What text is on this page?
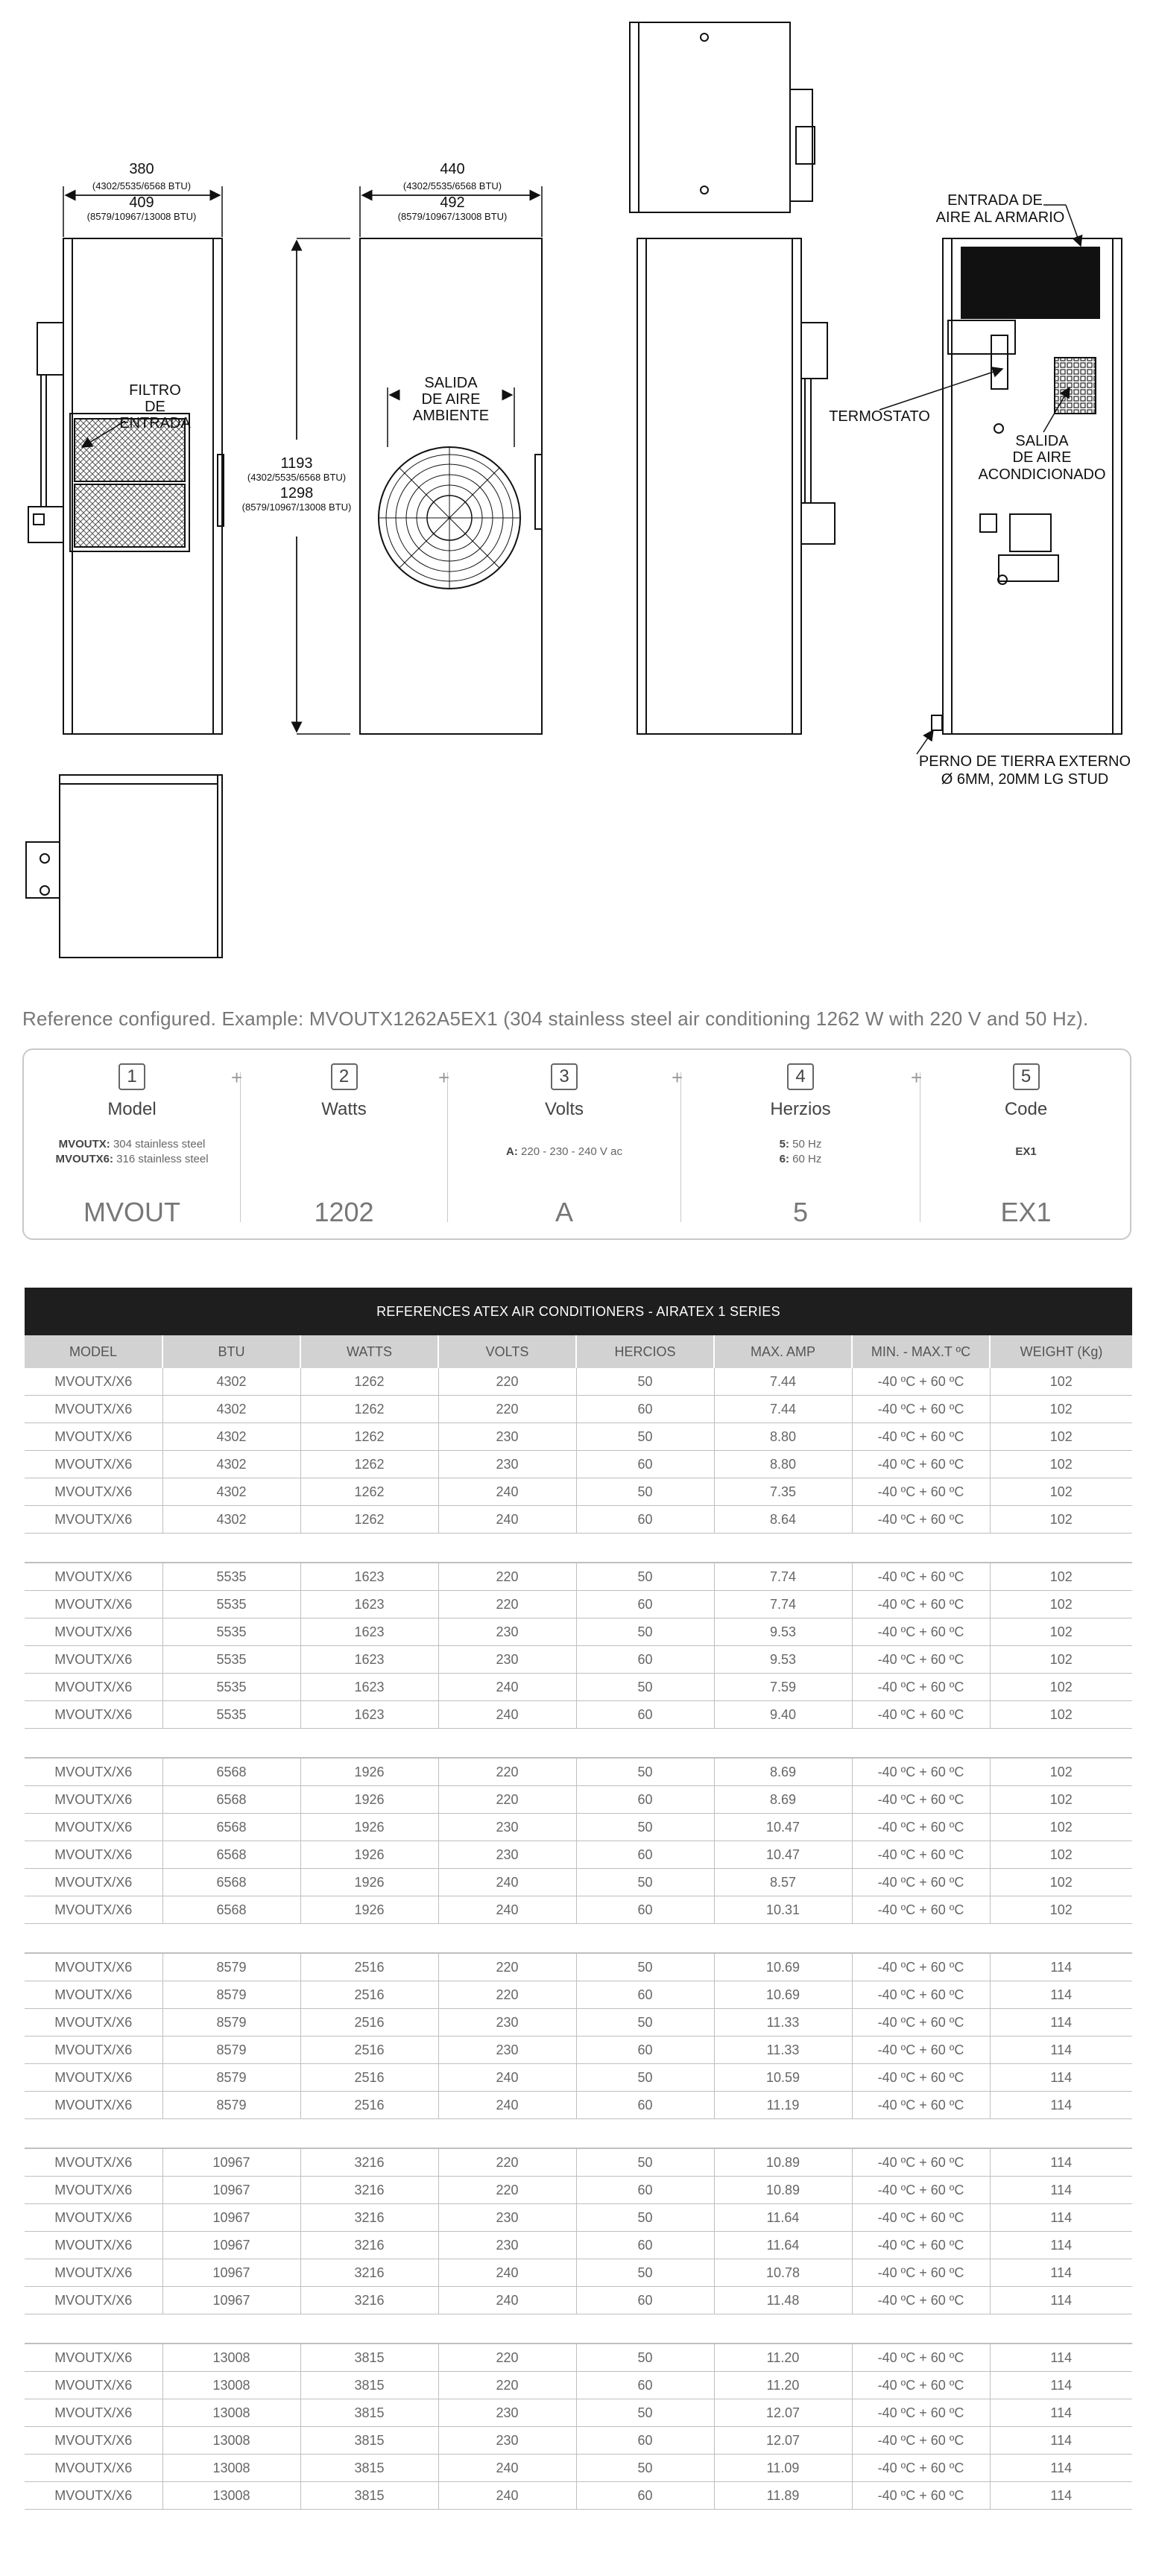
380
(4302/5535/6568 BTU)
409
(8579/10967/13008 BTU)
FILTRO
DE
ENTRADA
1193
(4302/5535/6568 BTU)
1298
(8579/10967/13008 BTU)
440
(4302/5535/6568 BTU)
492
(8579/10967/13008 BTU)
SALIDA
DE AIRE
AMBIENTE
ENTRADA DE
AIRE AL ARMARIO
TERMOSTATO
SALIDA
DE AIRE
ACONDICIONADO
PERNO DE TIERRA EXTERNO
Ø 6MM, 20MM LG STUD
Reference configured. Example: MVOUTX1262A5EX1 (304 stainless steel air conditioning 1262 W with 220 V and 50 Hz).
1
Model
MVOUTX: 304 stainless steel
MVOUTX6: 316 stainless steel
MVOUT
+	2
Watts
1202
+	3
Volts
A: 220 - 230 - 240 V ac
A
+	4
Herzios
5: 50 Hz
6: 60 Hz
5
+	5
Code
EX1
EX1
REFERENCES ATEX AIR CONDITIONERS - AIRATEX 1 SERIES							
MODEL	BTU	WATTS	VOLTS	HERCIOS	MAX. AMP	MIN. - MAX.T ºC	WEIGHT (Kg)
MVOUTX/X6	4302	1262	220	50	7.44	-40 ºC + 60 ºC	102
MVOUTX/X6	4302	1262	220	60	7.44	-40 ºC + 60 ºC	102
MVOUTX/X6	4302	1262	230	50	8.80	-40 ºC + 60 ºC	102
MVOUTX/X6	4302	1262	230	60	8.80	-40 ºC + 60 ºC	102
MVOUTX/X6	4302	1262	240	50	7.35	-40 ºC + 60 ºC	102
MVOUTX/X6	4302	1262	240	60	8.64	-40 ºC + 60 ºC	102

MVOUTX/X6	5535	1623	220	50	7.74	-40 ºC + 60 ºC	102
MVOUTX/X6	5535	1623	220	60	7.74	-40 ºC + 60 ºC	102
MVOUTX/X6	5535	1623	230	50	9.53	-40 ºC + 60 ºC	102
MVOUTX/X6	5535	1623	230	60	9.53	-40 ºC + 60 ºC	102
MVOUTX/X6	5535	1623	240	50	7.59	-40 ºC + 60 ºC	102
MVOUTX/X6	5535	1623	240	60	9.40	-40 ºC + 60 ºC	102

MVOUTX/X6	6568	1926	220	50	8.69	-40 ºC + 60 ºC	102
MVOUTX/X6	6568	1926	220	60	8.69	-40 ºC + 60 ºC	102
MVOUTX/X6	6568	1926	230	50	10.47	-40 ºC + 60 ºC	102
MVOUTX/X6	6568	1926	230	60	10.47	-40 ºC + 60 ºC	102
MVOUTX/X6	6568	1926	240	50	8.57	-40 ºC + 60 ºC	102
MVOUTX/X6	6568	1926	240	60	10.31	-40 ºC + 60 ºC	102

MVOUTX/X6	8579	2516	220	50	10.69	-40 ºC + 60 ºC	114
MVOUTX/X6	8579	2516	220	60	10.69	-40 ºC + 60 ºC	114
MVOUTX/X6	8579	2516	230	50	11.33	-40 ºC + 60 ºC	114
MVOUTX/X6	8579	2516	230	60	11.33	-40 ºC + 60 ºC	114
MVOUTX/X6	8579	2516	240	50	10.59	-40 ºC + 60 ºC	114
MVOUTX/X6	8579	2516	240	60	11.19	-40 ºC + 60 ºC	114

MVOUTX/X6	10967	3216	220	50	10.89	-40 ºC + 60 ºC	114
MVOUTX/X6	10967	3216	220	60	10.89	-40 ºC + 60 ºC	114
MVOUTX/X6	10967	3216	230	50	11.64	-40 ºC + 60 ºC	114
MVOUTX/X6	10967	3216	230	60	11.64	-40 ºC + 60 ºC	114
MVOUTX/X6	10967	3216	240	50	10.78	-40 ºC + 60 ºC	114
MVOUTX/X6	10967	3216	240	60	11.48	-40 ºC + 60 ºC	114

MVOUTX/X6	13008	3815	220	50	11.20	-40 ºC + 60 ºC	114
MVOUTX/X6	13008	3815	220	60	11.20	-40 ºC + 60 ºC	114
MVOUTX/X6	13008	3815	230	50	12.07	-40 ºC + 60 ºC	114
MVOUTX/X6	13008	3815	230	60	12.07	-40 ºC + 60 ºC	114
MVOUTX/X6	13008	3815	240	50	11.09	-40 ºC + 60 ºC	114
MVOUTX/X6	13008	3815	240	60	11.89	-40 ºC + 60 ºC	114
